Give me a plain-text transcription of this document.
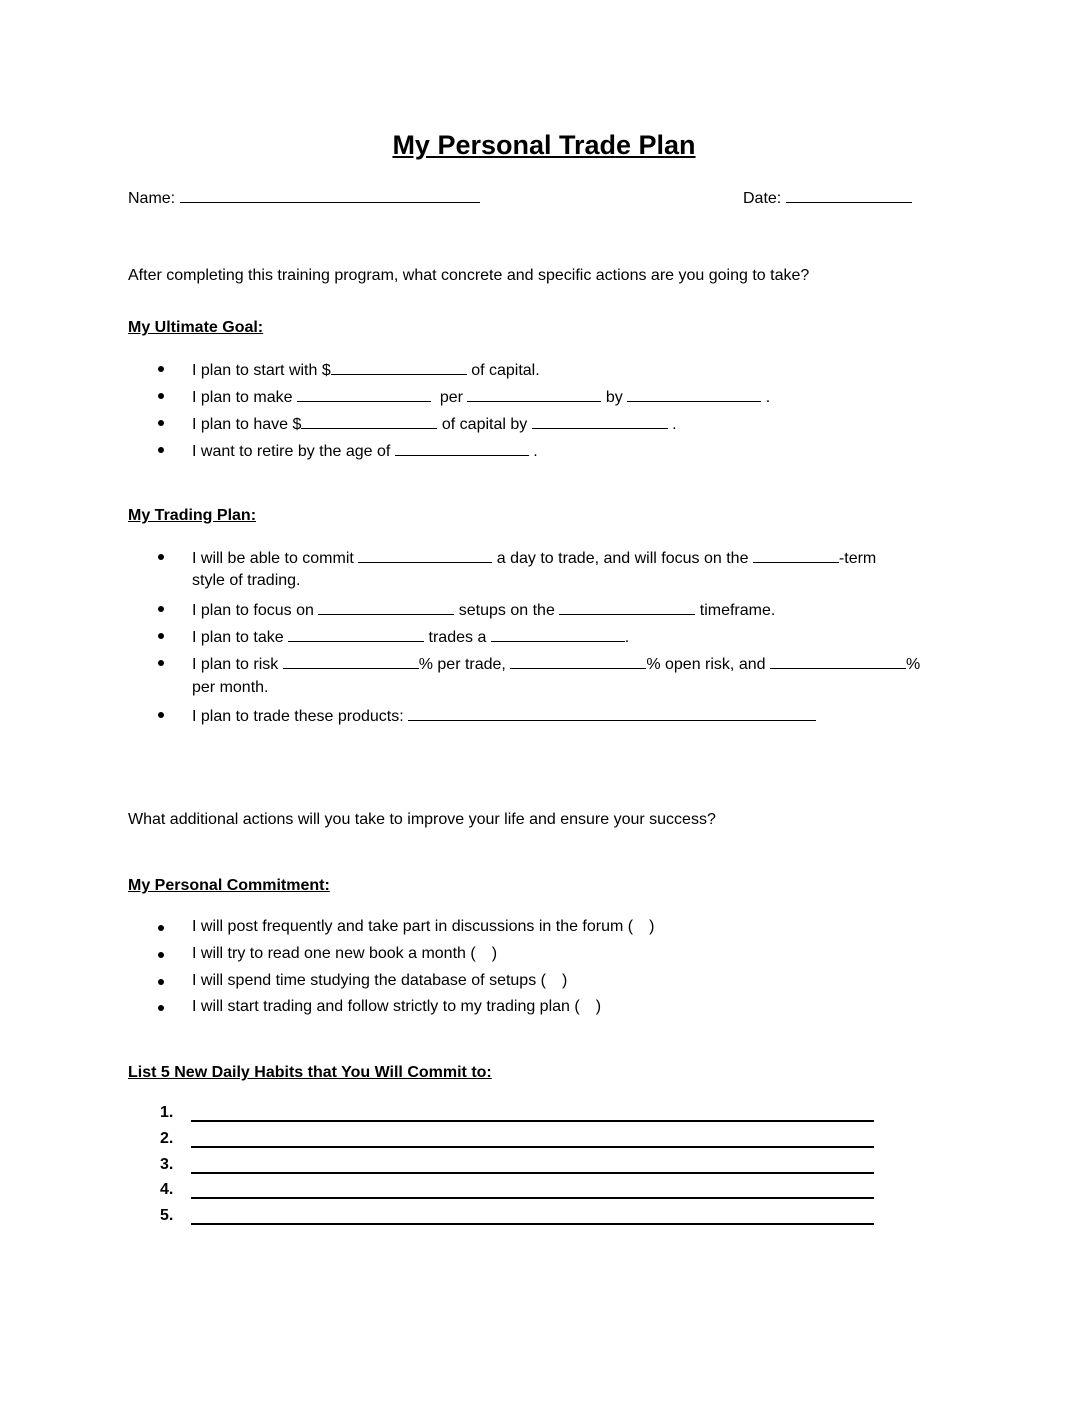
My Personal Trade Plan
Name:	Date:
After completing this training program, what concrete and specific actions are you going to take?
My Ultimate Goal:
I plan to start with $	of capital.
I plan to make	per	by	.
I plan to have $	of capital by	.
I want to retire by the age of	.
My Trading Plan:
I will be able to commit	a day to trade, and will focus on the	-term
style of trading.
I plan to focus on	setups on the	timeframe.
I plan to take	trades a	.
I plan to risk	% per trade,	% open risk, and	%
per month.
I plan to trade these products:
What additional actions will you take to improve your life and ensure your success?
My Personal Commitment:
I will post frequently and take part in discussions in the forum ( )
I will try to read one new book a month ( )
I will spend time studying the database of setups ( )
I will start trading and follow strictly to my trading plan ( )
List 5 New Daily Habits that You Will Commit to:
1.
2.
3.
4.
5.
